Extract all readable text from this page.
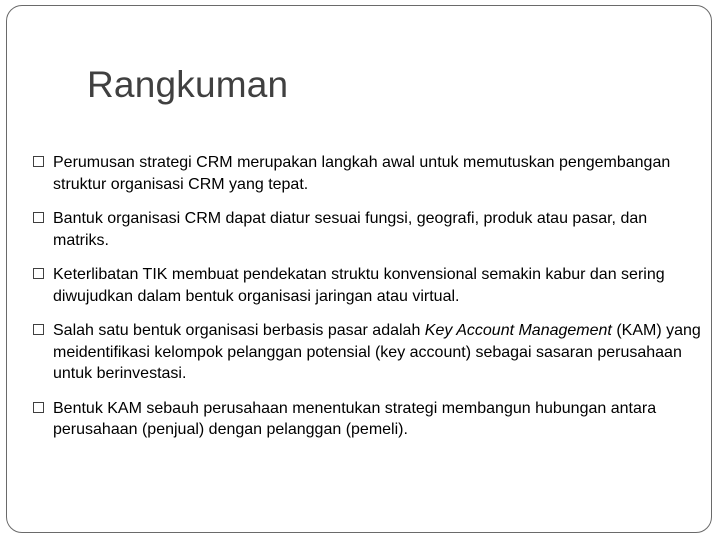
Rangkuman
Perumusan strategi CRM merupakan langkah awal untuk memutuskan pengembangan struktur organisasi CRM yang tepat.
Bantuk organisasi CRM dapat diatur sesuai fungsi, geografi, produk atau pasar, dan matriks.
Keterlibatan TIK membuat pendekatan struktu konvensional semakin kabur dan sering diwujudkan dalam bentuk organisasi jaringan atau virtual.
Salah satu bentuk organisasi berbasis pasar adalah Key Account Management (KAM) yang meidentifikasi kelompok pelanggan potensial (key account) sebagai sasaran perusahaan untuk berinvestasi.
Bentuk KAM sebauh perusahaan menentukan strategi membangun hubungan antara perusahaan (penjual) dengan pelanggan (pemeli).
